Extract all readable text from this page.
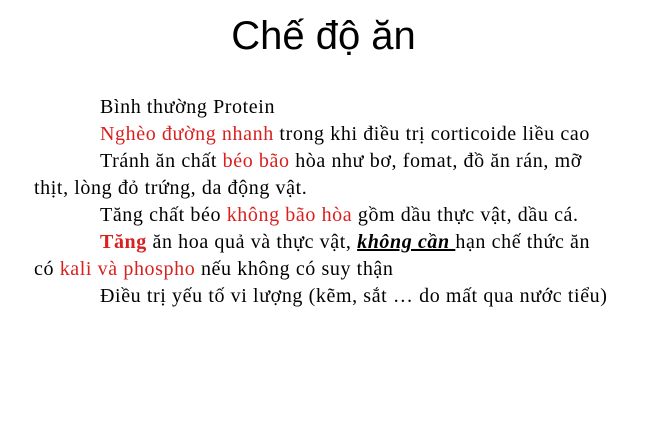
Chế độ ăn

Bình thường Protein

Nghèo đường nhanh trong khi điều trị corticoide liều cao

Tránh ăn chất béo bão hòa như bơ, fomat, đồ ăn rán, mỡ thịt, lòng đỏ trứng, da động vật.

Tăng chất béo không bão hòa gồm dầu thực vật, dầu cá.

Tăng ăn hoa quả và thực vật, không cần hạn chế thức ăn có kali và phospho nếu không có suy thận

Điều trị yếu tố vi lượng (kẽm, sắt … do mất qua nước tiểu)
